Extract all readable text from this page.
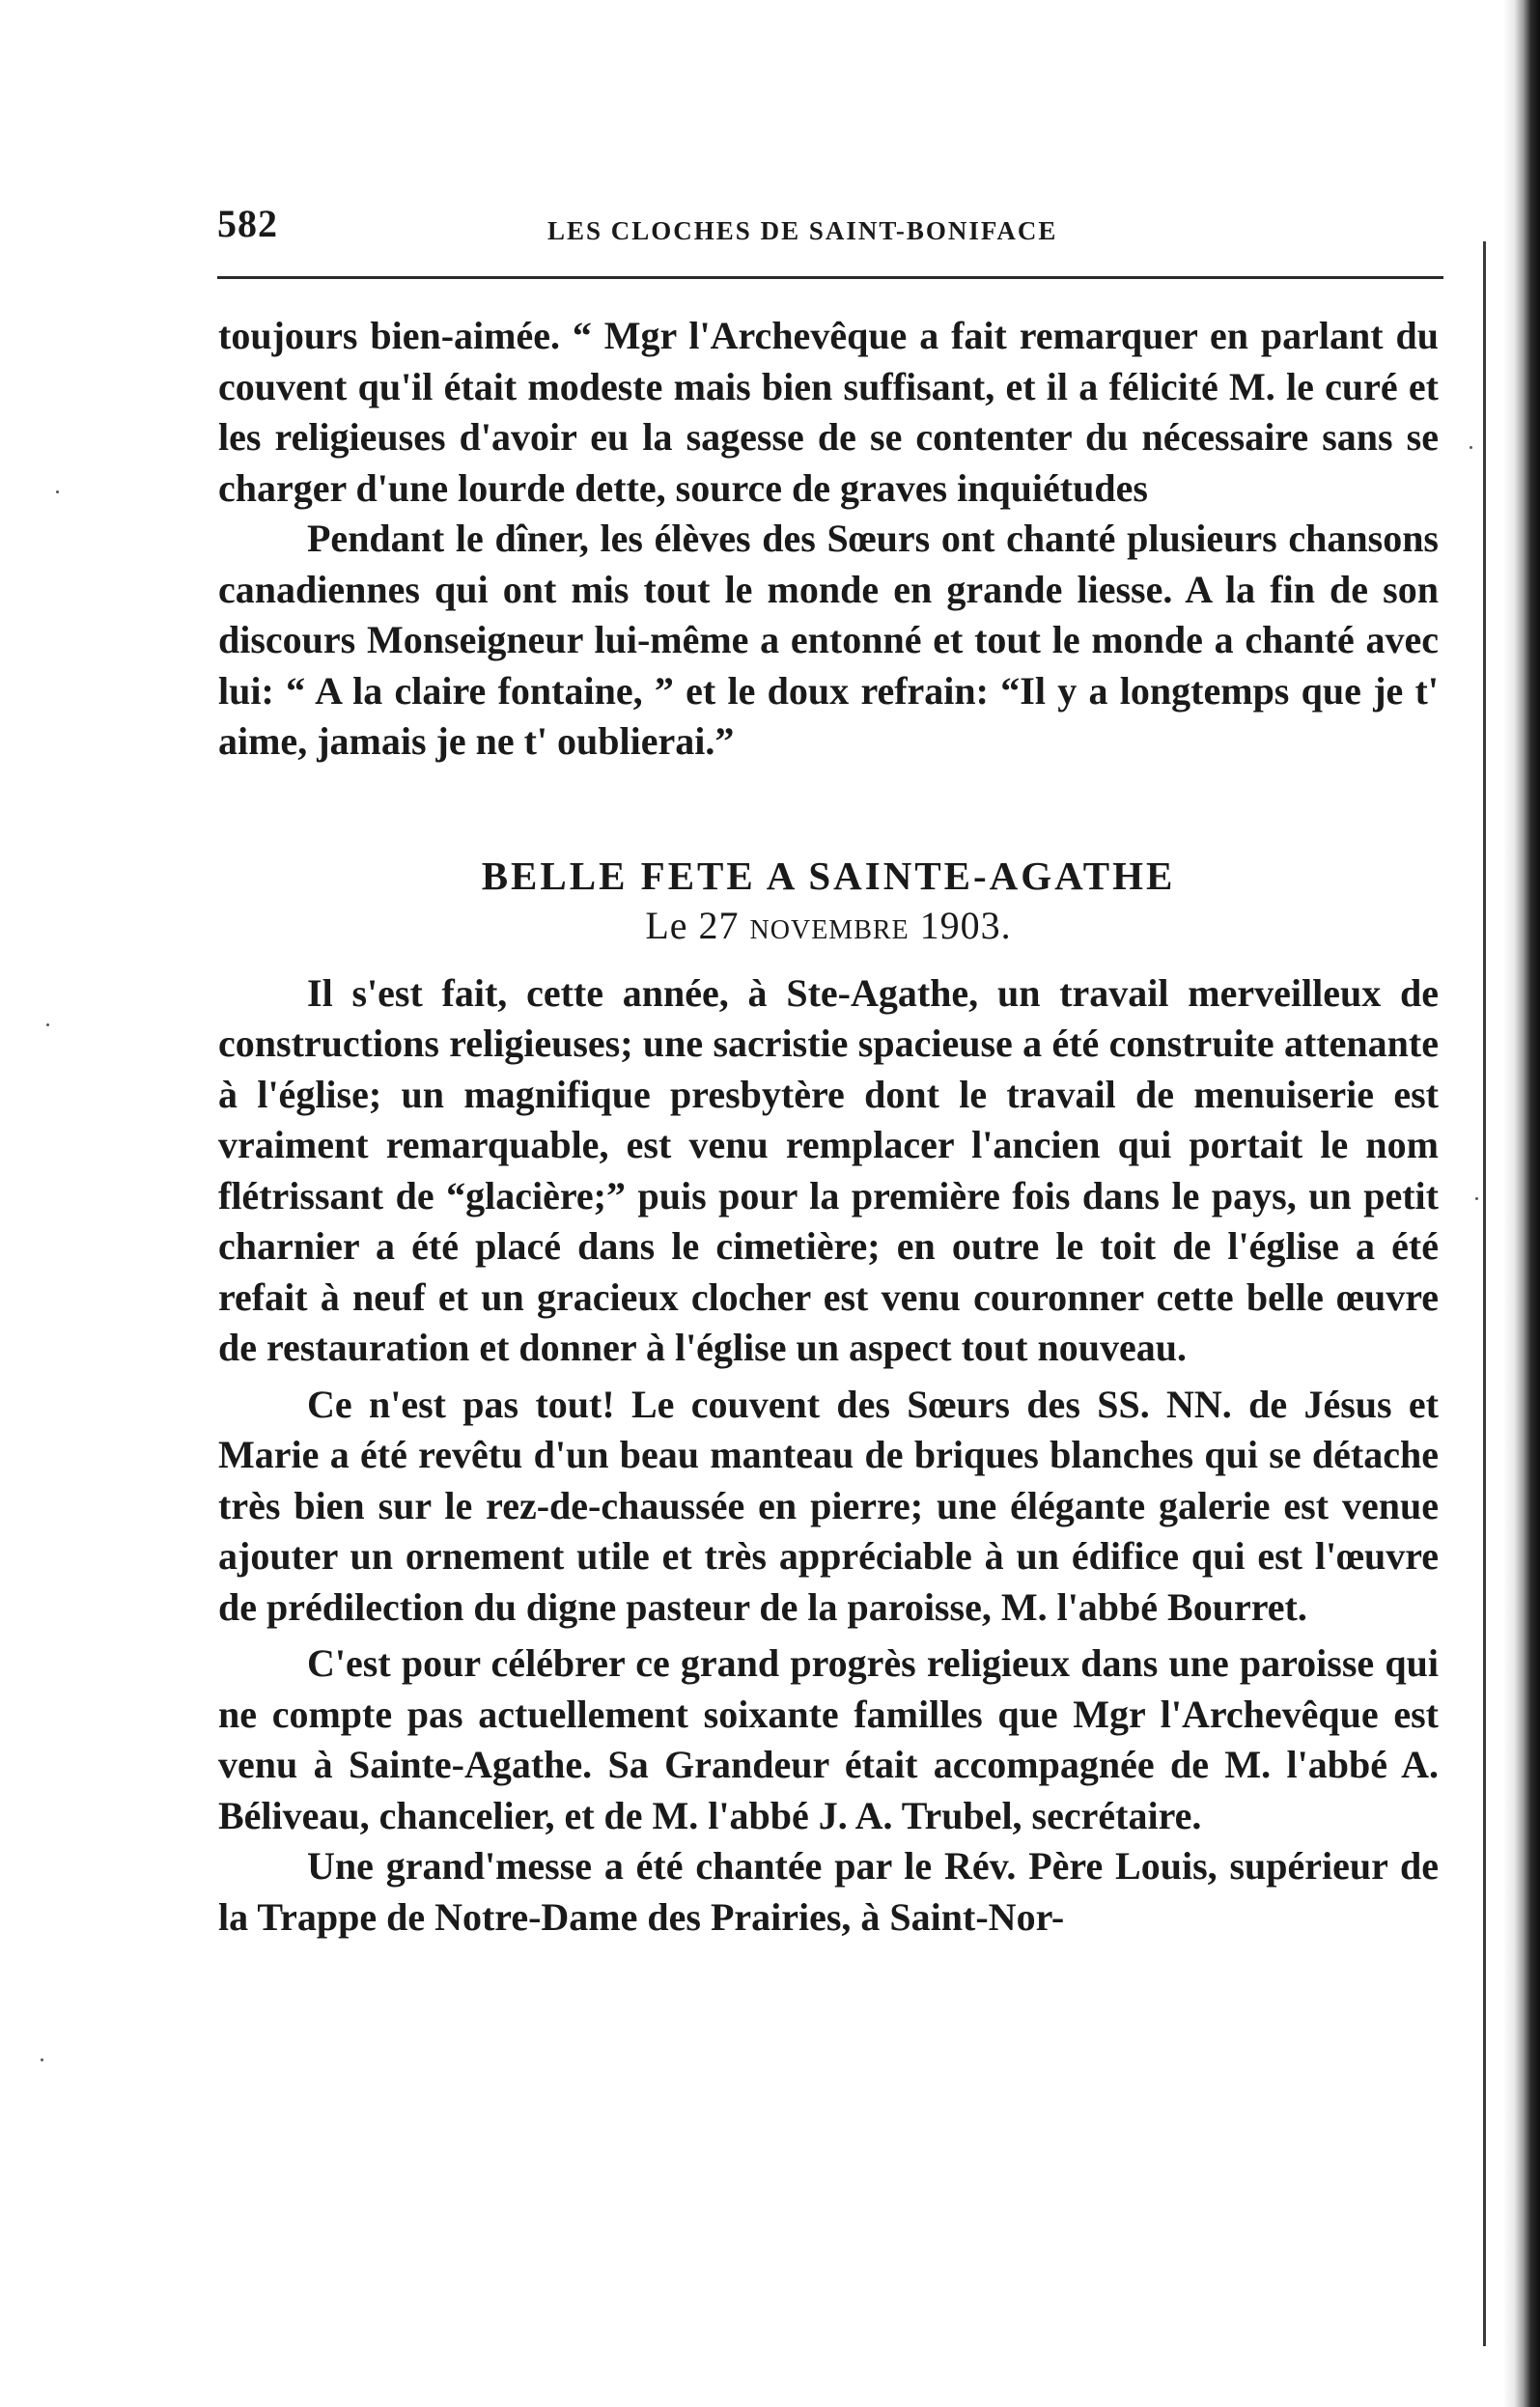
582	LES CLOCHES DE SAINT-BONIFACE

toujours bien-aimée. “ Mgr l'Archevêque a fait remarquer en parlant du couvent qu'il était modeste mais bien suffisant, et il a félicité M. le curé et les religieuses d'avoir eu la sagesse de se contenter du nécessaire sans se charger d'une lourde dette, source de graves inquiétudes

Pendant le dîner, les élèves des Sœurs ont chanté plusieurs chansons canadiennes qui ont mis tout le monde en grande liesse. A la fin de son discours Monseigneur lui-même a entonné et tout le monde a chanté avec lui: “ A la claire fontaine, ” et le doux refrain: “Il y a longtemps que je t' aime, jamais je ne t' oublierai.”

BELLE FETE A SAINTE-AGATHE

Le 27 novembre 1903.

Il s'est fait, cette année, à Ste-Agathe, un travail merveilleux de constructions religieuses; une sacristie spacieuse a été construite attenante à l'église; un magnifique presbytère dont le travail de menuiserie est vraiment remarquable, est venu remplacer l'ancien qui portait le nom flétrissant de “glacière;” puis pour la première fois dans le pays, un petit charnier a été placé dans le cimetière; en outre le toit de l'église a été refait à neuf et un gracieux clocher est venu couronner cette belle œuvre de restauration et donner à l'église un aspect tout nouveau.

Ce n'est pas tout! Le couvent des Sœurs des SS. NN. de Jésus et Marie a été revêtu d'un beau manteau de briques blanches qui se détache très bien sur le rez-de-chaussée en pierre; une élégante galerie est venue ajouter un ornement utile et très appréciable à un édifice qui est l'œuvre de prédilection du digne pasteur de la paroisse, M. l'abbé Bourret.

C'est pour célébrer ce grand progrès religieux dans une paroisse qui ne compte pas actuellement soixante familles que Mgr l'Archevêque est venu à Sainte-Agathe. Sa Grandeur était accompagnée de M. l'abbé A. Béliveau, chancelier, et de M. l'abbé J. A. Trubel, secrétaire.

Une grand'messe a été chantée par le Rév. Père Louis, supérieur de la Trappe de Notre-Dame des Prairies, à Saint-Nor-
